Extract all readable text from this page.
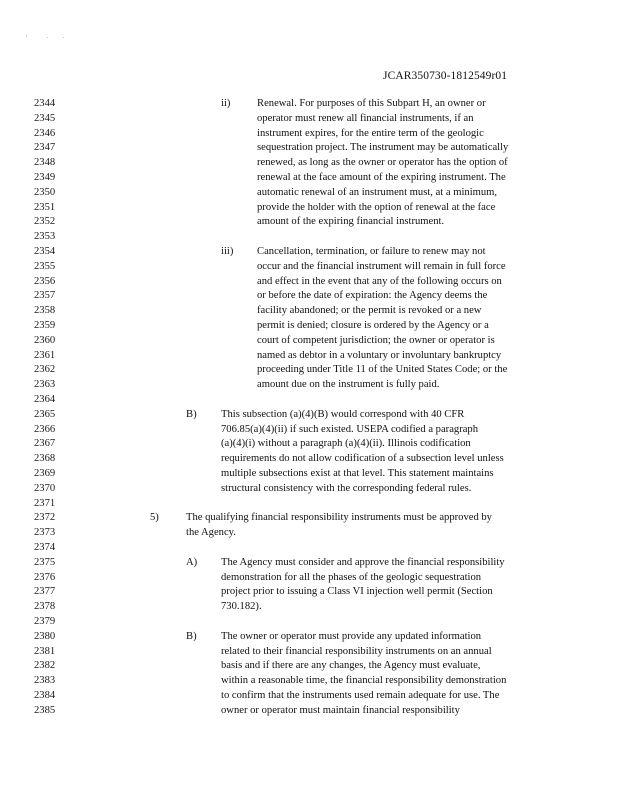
'	· ·
JCAR350730-1812549r01
2344
2345
2346
2347
2348
2349
2350
2351
2352
2353
2354
2355
2356
2357
2358
2359
2360
2361
2362
2363
2364
2365
2366
2367
2368
2369
2370
2371
2372
2373
2374
2375
2376
2377
2378
2379
2380
2381
2382
2383
2384
2385
ii)	Renewal. For purposes of this Subpart H, an owner or
operator must renew all financial instruments, if an
instrument expires, for the entire term of the geologic
sequestration project. The instrument may be automatically
renewed, as long as the owner or operator has the option of
renewal at the face amount of the expiring instrument. The
automatic renewal of an instrument must, at a minimum,
provide the holder with the option of renewal at the face
amount of the expiring financial instrument.
iii) Cancellation, termination, or failure to renew may not
occur and the financial instrument will remain in full force
and effect in the event that any of the following occurs on
or before the date of expiration: the Agency deems the
facility abandoned; or the permit is revoked or a new
permit is denied; closure is ordered by the Agency or a
court of competent jurisdiction; the owner or operator is
named as debtor in a voluntary or involuntary bankruptcy
proceeding under Title 11 of the United States Code; or the
amount due on the instrument is fully paid.
B) This subsection (a)(4)(B) would correspond with 40 CFR
706.85(a)(4)(ii) if such existed. USEPA codified a paragraph
(a)(4)(i) without a paragraph (a)(4)(ii). Illinois codification
requirements do not allow codification of a subsection level unless
multiple subsections exist at that level. This statement maintains
structural consistency with the corresponding federal rules.
5)	The qualifying financial responsibility instruments must be approved by
the Agency.
A) The Agency must consider and approve the financial responsibility
demonstration for all the phases of the geologic sequestration
project prior to issuing a Class VI injection well permit (Section
730.182).
B) The owner or operator must provide any updated information
related to their financial responsibility instruments on an annual
basis and if there are any changes, the Agency must evaluate,
within a reasonable time, the financial responsibility demonstration
to confirm that the instruments used remain adequate for use. The
owner or operator must maintain financial responsibility
